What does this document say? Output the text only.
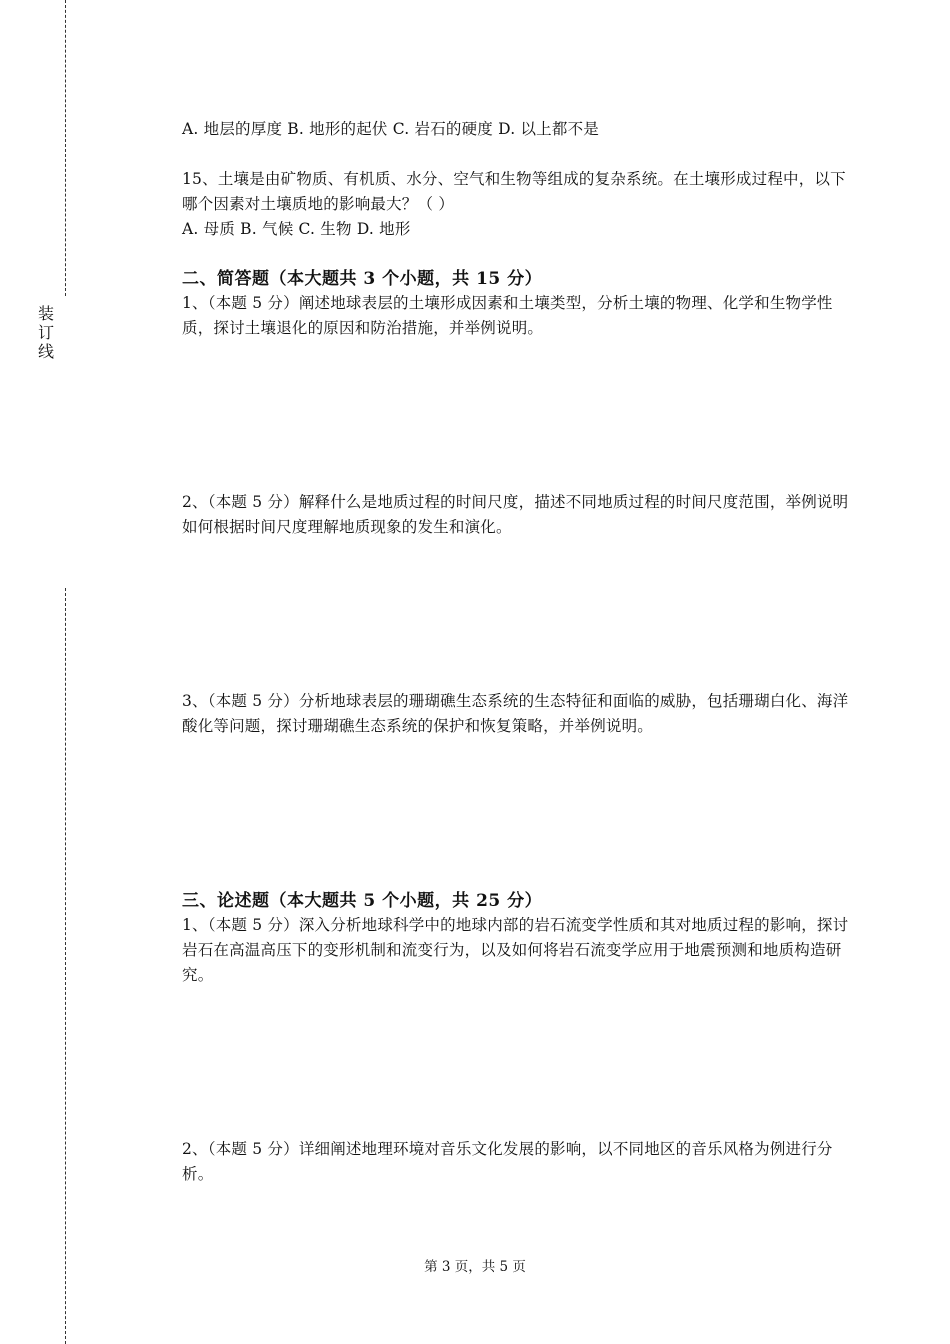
装
订
线

A. 地层的厚度 B. 地形的起伏 C. 岩石的硬度 D. 以上都不是

15、土壤是由矿物质、有机质、水分、空气和生物等组成的复杂系统。在土壤形成过程中，以下哪个因素对土壤质地的影响最大？（ ）

A. 母质 B. 气候 C. 生物 D. 地形

二、简答题（本大题共 3 个小题，共 15 分）

1、（本题 5 分）阐述地球表层的土壤形成因素和土壤类型，分析土壤的物理、化学和生物学性质，探讨土壤退化的原因和防治措施，并举例说明。

2、（本题 5 分）解释什么是地质过程的时间尺度，描述不同地质过程的时间尺度范围，举例说明如何根据时间尺度理解地质现象的发生和演化。

3、（本题 5 分）分析地球表层的珊瑚礁生态系统的生态特征和面临的威胁，包括珊瑚白化、海洋酸化等问题，探讨珊瑚礁生态系统的保护和恢复策略，并举例说明。

三、论述题（本大题共 5 个小题，共 25 分）

1、（本题 5 分）深入分析地球科学中的地球内部的岩石流变学性质和其对地质过程的影响，探讨岩石在高温高压下的变形机制和流变行为，以及如何将岩石流变学应用于地震预测和地质构造研究。

2、（本题 5 分）详细阐述地理环境对音乐文化发展的影响，以不同地区的音乐风格为例进行分析。

第 3 页，共 5 页
